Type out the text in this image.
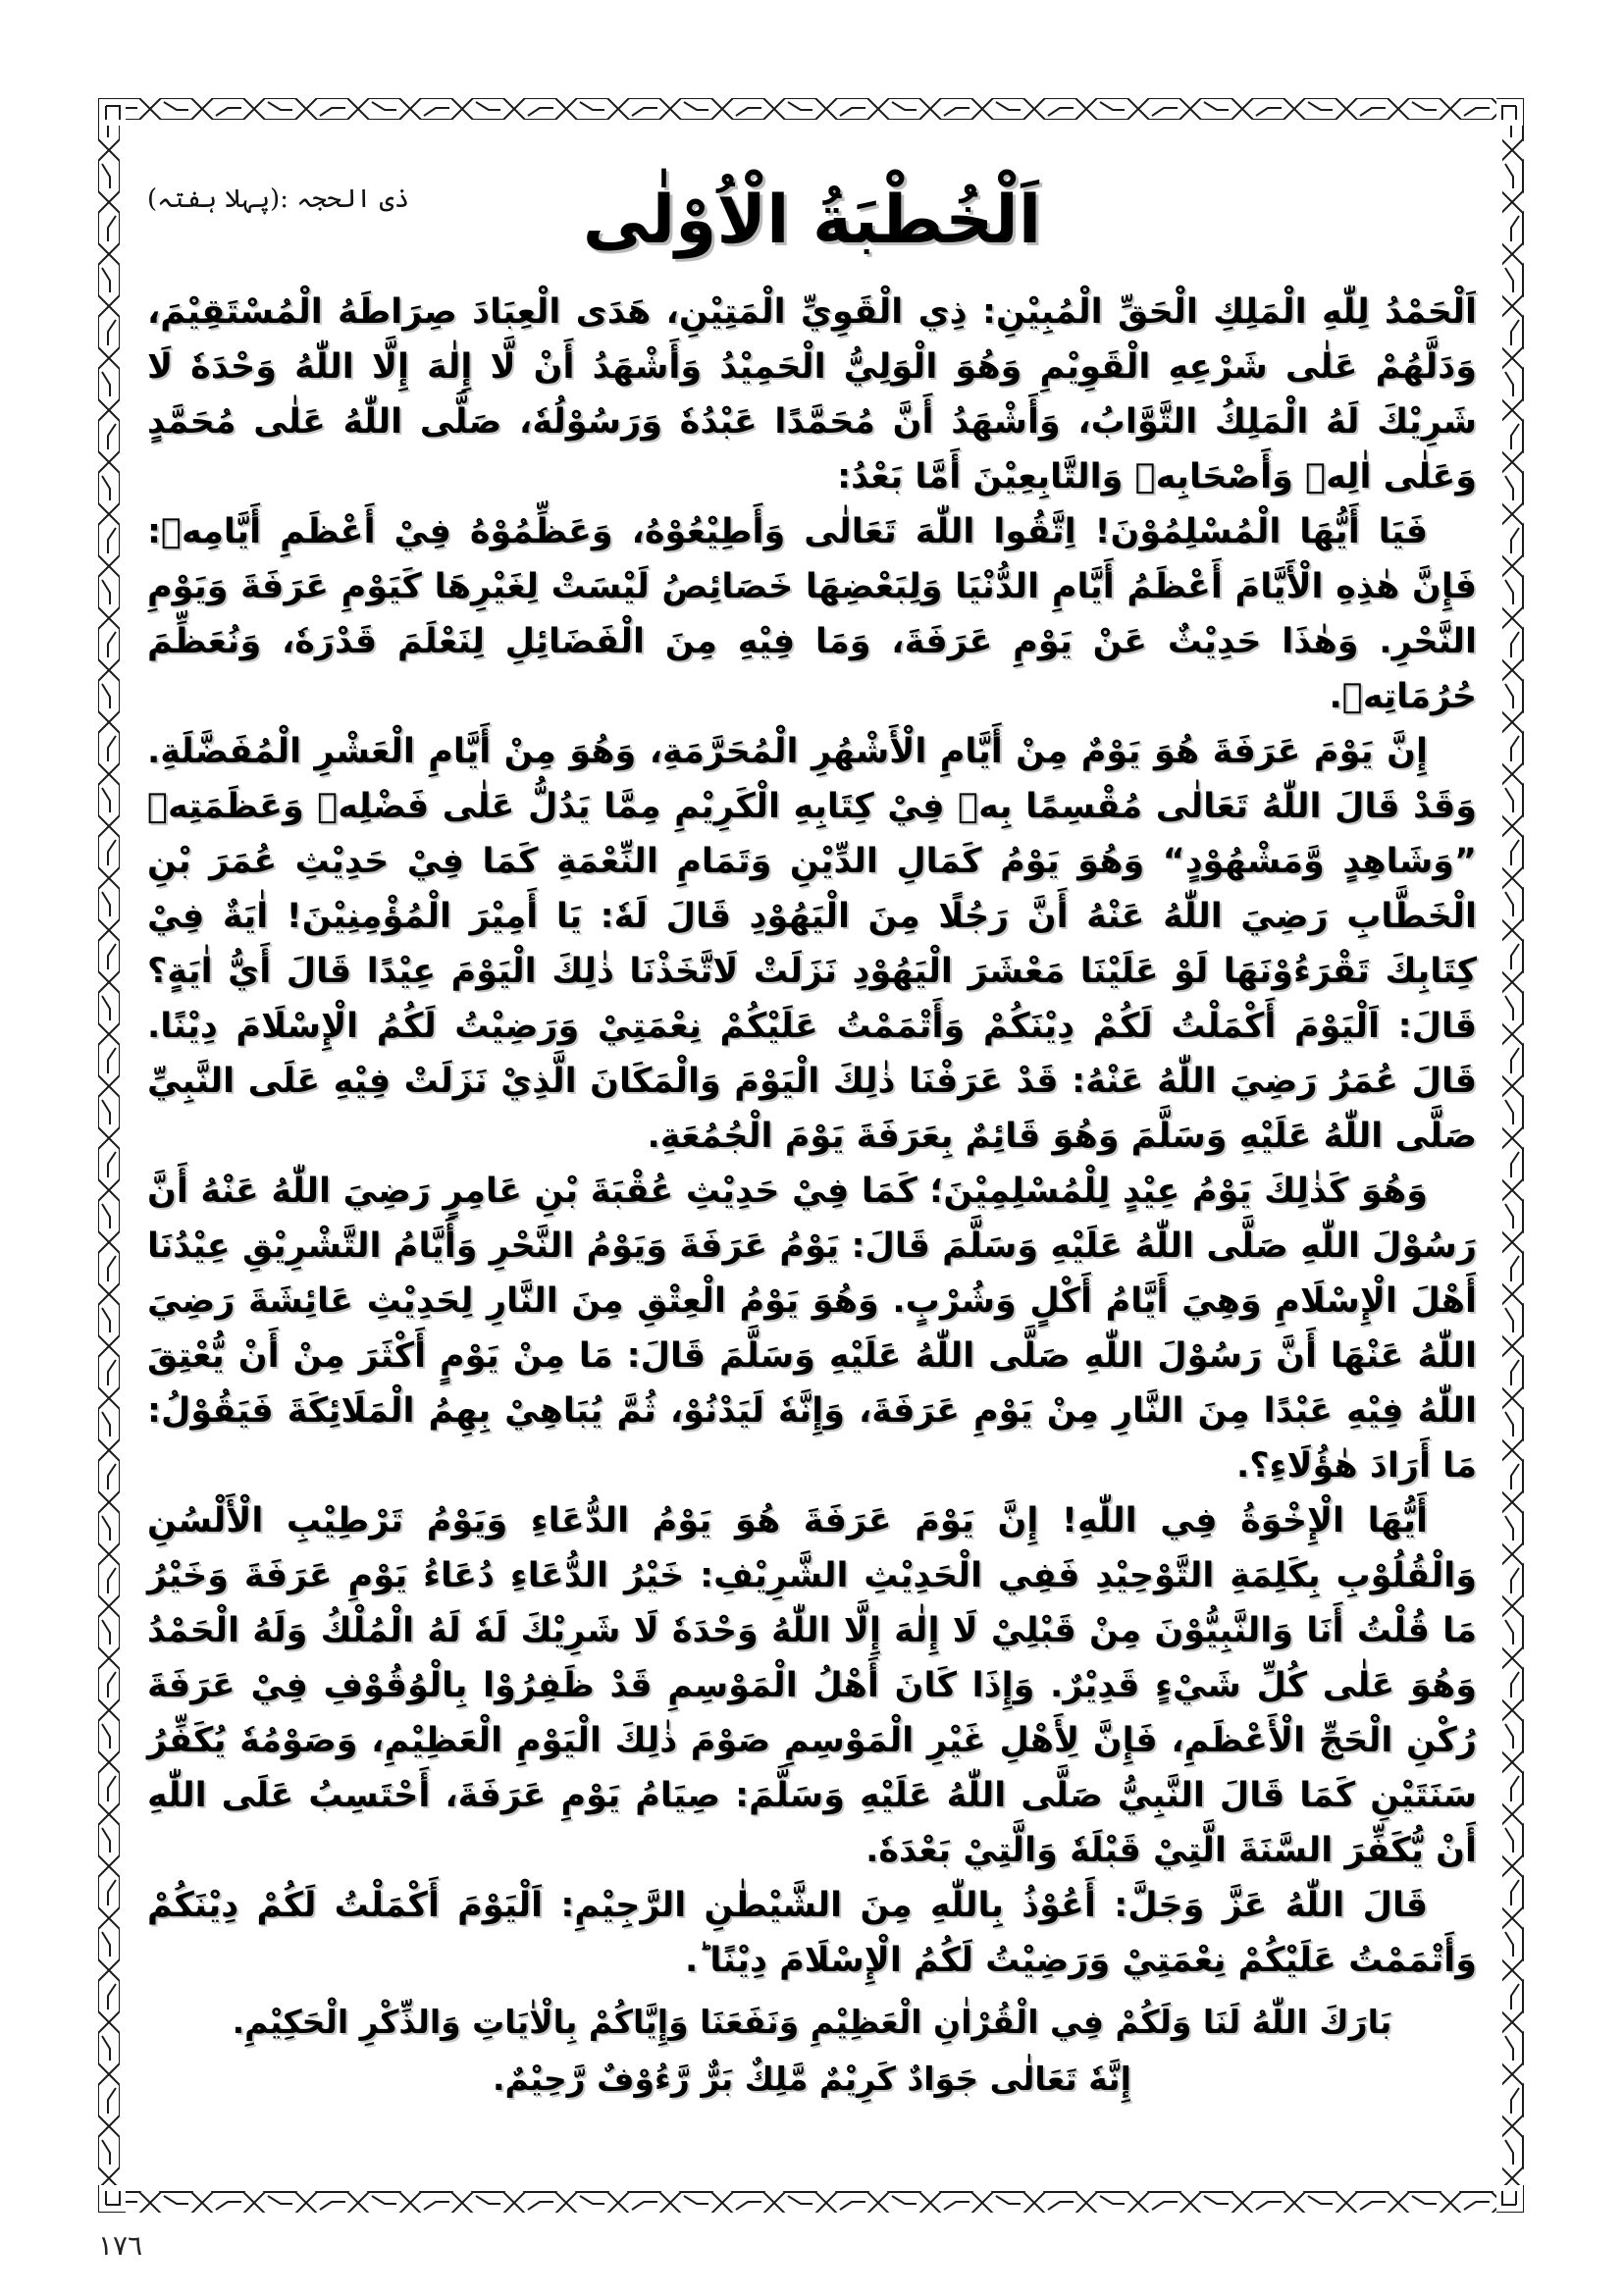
اَلْخُطْبَةُ الْاُوْلٰى
ذی الحجہ :(پہلا ہفتہ)

اَلْحَمْدُ لِلّٰهِ الْمَلِكِ الْحَقِّ الْمُبِيْنِ: ذِي الْقَوِيِّ الْمَتِيْنِ، هَدَى الْعِبَادَ صِرَاطَهُ الْمُسْتَقِيْمَ، وَدَلَّهُمْ عَلٰى شَرْعِهِ الْقَوِيْمِ وَهُوَ الْوَلِيُّ الْحَمِيْدُ وَأَشْهَدُ أَنْ لَّا إِلٰهَ إِلَّا اللّٰهُ وَحْدَهٗ لَا شَرِيْكَ لَهُ الْمَلِكُ التَّوَّابُ، وَأَشْهَدُ أَنَّ مُحَمَّدًا عَبْدُهٗ وَرَسُوْلُهٗ، صَلَّى اللّٰهُ عَلٰى مُحَمَّدٍ وَعَلٰى اٰلِهٖ وَأَصْحَابِهٖ وَالتَّابِعِيْنَ أَمَّا بَعْدُ:

فَيَا أَيُّهَا الْمُسْلِمُوْنَ! اِتَّقُوا اللّٰهَ تَعَالٰى وَأَطِيْعُوْهُ، وَعَظِّمُوْهُ فِيْ أَعْظَمِ أَيَّامِهٖ: فَإِنَّ هٰذِهِ الْأَيَّامَ أَعْظَمُ أَيَّامِ الدُّنْيَا وَلِبَعْضِهَا خَصَائِصُ لَيْسَتْ لِغَيْرِهَا كَيَوْمِ عَرَفَةَ وَيَوْمِ النَّحْرِ. وَهٰذَا حَدِيْثٌ عَنْ يَوْمِ عَرَفَةَ، وَمَا فِيْهِ مِنَ الْفَضَائِلِ لِنَعْلَمَ قَدْرَهٗ، وَنُعَظِّمَ حُرُمَاتِهٖ.

إِنَّ يَوْمَ عَرَفَةَ هُوَ يَوْمٌ مِنْ أَيَّامِ الْأَشْهُرِ الْمُحَرَّمَةِ، وَهُوَ مِنْ أَيَّامِ الْعَشْرِ الْمُفَضَّلَةِ. وَقَدْ قَالَ اللّٰهُ تَعَالٰى مُقْسِمًا بِهٖ فِيْ كِتَابِهِ الْكَرِيْمِ مِمَّا يَدُلُّ عَلٰى فَضْلِهٖ وَعَظَمَتِهٖ ”وَشَاهِدٍ وَّمَشْهُوْدٍ“ وَهُوَ يَوْمُ كَمَالِ الدِّيْنِ وَتَمَامِ النِّعْمَةِ كَمَا فِيْ حَدِيْثِ عُمَرَ بْنِ الْخَطَّابِ رَضِيَ اللّٰهُ عَنْهُ أَنَّ رَجُلًا مِنَ الْيَهُوْدِ قَالَ لَهٗ: يَا أَمِيْرَ الْمُؤْمِنِيْنَ! اٰيَةٌ فِيْ كِتَابِكَ تَقْرَءُوْنَهَا لَوْ عَلَيْنَا مَعْشَرَ الْيَهُوْدِ نَزَلَتْ لَاتَّخَذْنَا ذٰلِكَ الْيَوْمَ عِيْدًا قَالَ أَيُّ اٰيَةٍ؟ قَالَ: اَلْيَوْمَ أَكْمَلْتُ لَكُمْ دِيْنَكُمْ وَأَتْمَمْتُ عَلَيْكُمْ نِعْمَتِيْ وَرَضِيْتُ لَكُمُ الْإِسْلَامَ دِيْنًا. قَالَ عُمَرُ رَضِيَ اللّٰهُ عَنْهُ: قَدْ عَرَفْنَا ذٰلِكَ الْيَوْمَ وَالْمَكَانَ الَّذِيْ نَزَلَتْ فِيْهِ عَلَى النَّبِيِّ صَلَّى اللّٰهُ عَلَيْهِ وَسَلَّمَ وَهُوَ قَائِمٌ بِعَرَفَةَ يَوْمَ الْجُمُعَةِ.

وَهُوَ كَذٰلِكَ يَوْمُ عِيْدٍ لِلْمُسْلِمِيْنَ؛ كَمَا فِيْ حَدِيْثِ عُقْبَةَ بْنِ عَامِرٍ رَضِيَ اللّٰهُ عَنْهُ أَنَّ رَسُوْلَ اللّٰهِ صَلَّى اللّٰهُ عَلَيْهِ وَسَلَّمَ قَالَ: يَوْمُ عَرَفَةَ وَيَوْمُ النَّحْرِ وَأَيَّامُ التَّشْرِيْقِ عِيْدُنَا أَهْلَ الْإِسْلَامِ وَهِيَ أَيَّامُ أَكْلٍ وَشُرْبٍ. وَهُوَ يَوْمُ الْعِتْقِ مِنَ النَّارِ لِحَدِيْثِ عَائِشَةَ رَضِيَ اللّٰهُ عَنْهَا أَنَّ رَسُوْلَ اللّٰهِ صَلَّى اللّٰهُ عَلَيْهِ وَسَلَّمَ قَالَ: مَا مِنْ يَوْمٍ أَكْثَرَ مِنْ أَنْ يُّعْتِقَ اللّٰهُ فِيْهِ عَبْدًا مِنَ النَّارِ مِنْ يَوْمِ عَرَفَةَ، وَإِنَّهٗ لَيَدْنُوْ، ثُمَّ يُبَاهِيْ بِهِمُ الْمَلَائِكَةَ فَيَقُوْلُ: مَا أَرَادَ هٰؤُلَاءِ؟.

أَيُّهَا الْإِخْوَةُ فِي اللّٰهِ! إِنَّ يَوْمَ عَرَفَةَ هُوَ يَوْمُ الدُّعَاءِ وَيَوْمُ تَرْطِيْبِ الْأَلْسُنِ وَالْقُلُوْبِ بِكَلِمَةِ التَّوْحِيْدِ فَفِي الْحَدِيْثِ الشَّرِيْفِ: خَيْرُ الدُّعَاءِ دُعَاءُ يَوْمِ عَرَفَةَ وَخَيْرُ مَا قُلْتُ أَنَا وَالنَّبِيُّوْنَ مِنْ قَبْلِيْ لَا إِلٰهَ إِلَّا اللّٰهُ وَحْدَهٗ لَا شَرِيْكَ لَهٗ لَهُ الْمُلْكُ وَلَهُ الْحَمْدُ وَهُوَ عَلٰى كُلِّ شَيْءٍ قَدِيْرٌ. وَإِذَا كَانَ أَهْلُ الْمَوْسِمِ قَدْ ظَفِرُوْا بِالْوُقُوْفِ فِيْ عَرَفَةَ رُكْنِ الْحَجِّ الْأَعْظَمِ، فَإِنَّ لِأَهْلِ غَيْرِ الْمَوْسِمِ صَوْمَ ذٰلِكَ الْيَوْمِ الْعَظِيْمِ، وَصَوْمُهٗ يُكَفِّرُ سَنَتَيْنِ كَمَا قَالَ النَّبِيُّ صَلَّى اللّٰهُ عَلَيْهِ وَسَلَّمَ: صِيَامُ يَوْمِ عَرَفَةَ، أَحْتَسِبُ عَلَى اللّٰهِ أَنْ يُّكَفِّرَ السَّنَةَ الَّتِيْ قَبْلَهٗ وَالَّتِيْ بَعْدَهٗ.

قَالَ اللّٰهُ عَزَّ وَجَلَّ: أَعُوْذُ بِاللّٰهِ مِنَ الشَّيْطٰنِ الرَّجِيْمِ: اَلْيَوْمَ أَكْمَلْتُ لَكُمْ دِيْنَكُمْ وَأَتْمَمْتُ عَلَيْكُمْ نِعْمَتِيْ وَرَضِيْتُ لَكُمُ الْإِسْلَامَ دِيْنًا ؕ.

بَارَكَ اللّٰهُ لَنَا وَلَكُمْ فِي الْقُرْاٰنِ الْعَظِيْمِ وَنَفَعَنَا وَإِيَّاكُمْ بِالْاٰيَاتِ وَالذِّكْرِ الْحَكِيْمِ.
إِنَّهٗ تَعَالٰى جَوَادٌ كَرِيْمٌ مَّلِكٌ بَرٌّ رَّءُوْفٌ رَّحِيْمٌ.
١٧٦
